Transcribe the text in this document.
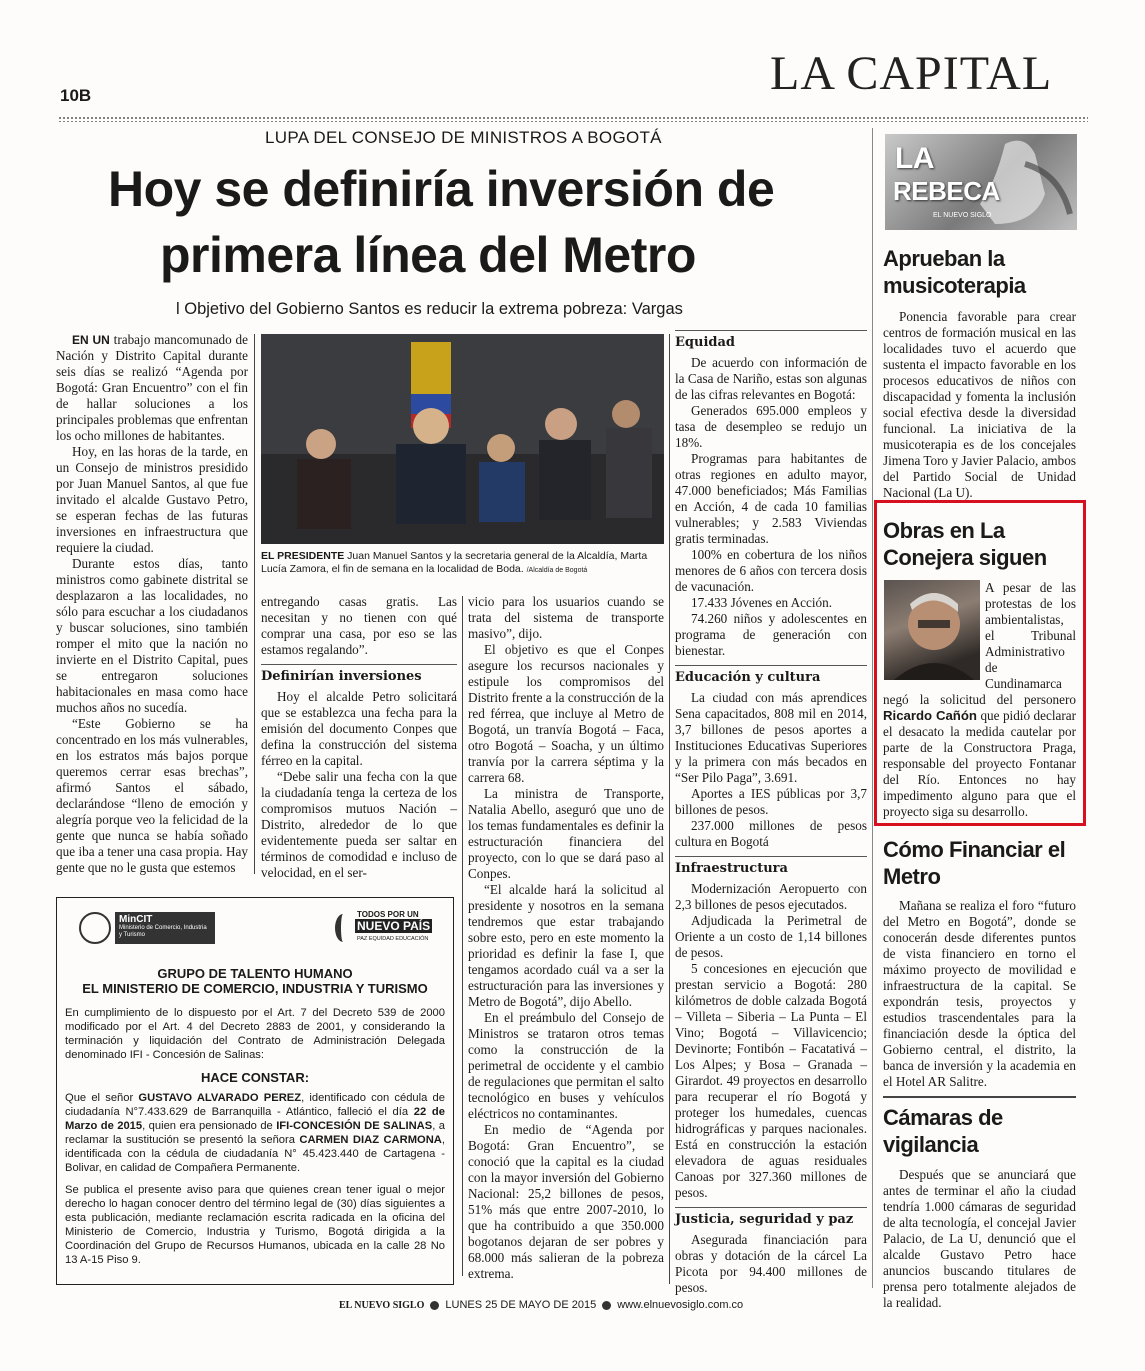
10B	LA CAPITAL
LUPA DEL CONSEJO DE MINISTROS A BOGOTÁ
Hoy se definiría inversión de
primera línea del Metro
l Objetivo del Gobierno Santos es reducir la extrema pobreza: Vargas

EN UN trabajo mancomunado de Nación y Distrito Capital durante seis días se realizó “Agenda por Bogotá: Gran Encuentro” con el fin de hallar soluciones a los principales problemas que enfrentan los ocho millones de habitantes.

Hoy, en las horas de la tarde, en un Consejo de ministros presidido por Juan Manuel Santos, al que fue invitado el alcalde Gustavo Petro, se esperan fechas de las futuras inversiones en infraestructura que requiere la ciudad.

Durante estos días, tanto ministros como gabinete distrital se desplazaron a las localidades, no sólo para escuchar a los ciudadanos y buscar soluciones, sino también romper el mito que la nación no invierte en el Distrito Capital, pues se entregaron soluciones habitacionales en masa como hace muchos años no sucedía.

“Este Gobierno se ha concentrado en los más vulnerables, en los estratos más bajos porque queremos cerrar esas brechas”, afirmó Santos el sábado, declarándose “lleno de emoción y alegría porque veo la felicidad de la gente que nunca se había soñado que iba a tener una casa propia. Hay gente que no le gusta que estemos

EL PRESIDENTE Juan Manuel Santos y la secretaria general de la Alcaldía, Marta Lucía Zamora, el fin de semana en la localidad de Boda. /Alcaldía de Bogotá

entregando casas gratis. Las necesitan y no tienen con qué comprar una casa, por eso se las estamos regalando”.

Definirían inversiones

Hoy el alcalde Petro solicitará que se establezca una fecha para la emisión del documento Conpes que defina la construcción del sistema férreo en la capital.

“Debe salir una fecha con la que la ciudadanía tenga la certeza de los compromisos mutuos Nación – Distrito, alrededor de lo que evidentemente pueda ser saltar en términos de comodidad e incluso de velocidad, en el ser-

vicio para los usuarios cuando se trata del sistema de transporte masivo”, dijo.

El objetivo es que el Conpes asegure los recursos nacionales y estipule los compromisos del Distrito frente a la construcción de la red férrea, que incluye al Metro de Bogotá, un tranvía Bogotá – Faca, otro Bogotá – Soacha, y un último tranvía por la carrera séptima y la carrera 68.

La ministra de Transporte, Natalia Abello, aseguró que uno de los temas fundamentales es definir la estructuración financiera del proyecto, con lo que se dará paso al Conpes.

“El alcalde hará la solicitud al presidente y nosotros en la semana tendremos que estar trabajando sobre esto, pero en este momento la prioridad es definir la fase I, que tengamos acordado cuál va a ser la estructuración para las inversiones y Metro de Bogotá”, dijo Abello.

En el preámbulo del Consejo de Ministros se trataron otros temas como la construcción de la perimetral de occidente y el cambio de regulaciones que permitan el salto tecnológico en buses y vehículos eléctricos no contaminantes.

En medio de “Agenda por Bogotá: Gran Encuentro”, se conoció que la capital es la ciudad con la mayor inversión del Gobierno Nacional: 25,2 billones de pesos, 51% más que entre 2007-2010, lo que ha contribuido a que 350.000 bogotanos dejaran de ser pobres y 68.000 más salieran de la pobreza extrema.

Equidad

De acuerdo con información de la Casa de Nariño, estas son algunas de las cifras relevantes en Bogotá:

Generados 695.000 empleos y tasa de desempleo se redujo un 18%.

Programas para habitantes de otras regiones en adulto mayor, 47.000 beneficiados; Más Familias en Acción, 4 de cada 10 familias vulnerables; y 2.583 Viviendas gratis terminadas.

100% en cobertura de los niños menores de 6 años con tercera dosis de vacunación.

17.433 Jóvenes en Acción.

74.260 niños y adolescentes en programa de generación con bienestar.

Educación y cultura

La ciudad con más aprendices Sena capacitados, 808 mil en 2014, 3,7 billones de pesos aportes a Instituciones Educativas Superiores y la primera con más becados en “Ser Pilo Paga”, 3.691.

Aportes a IES públicas por 3,7 billones de pesos.

237.000 millones de pesos cultura en Bogotá

Infraestructura

Modernización Aeropuerto con 2,3 billones de pesos ejecutados.

Adjudicada la Perimetral de Oriente a un costo de 1,14 billones de pesos.

5 concesiones en ejecución que prestan servicio a Bogotá: 280 kilómetros de doble calzada Bogotá – Villeta – Siberia – La Punta – El Vino; Bogotá – Villavicencio; Devinorte; Fontibón – Facatativá – Los Alpes; y Bosa – Granada – Girardot. 49 proyectos en desarrollo para recuperar el río Bogotá y proteger los humedales, cuencas hidrográficas y parques nacionales. Está en construcción la estación elevadora de aguas residuales Canoas por 327.360 millones de pesos.

Justicia, seguridad y paz

Asegurada financiación para obras y dotación de la cárcel La Picota por 94.400 millones de pesos.

LA
REBECA
EL NUEVO SIGLO
Aprueban la musicoterapia

Ponencia favorable para crear centros de formación musical en las localidades tuvo el acuerdo que sustenta el impacto favorable en los procesos educativos de niños con discapacidad y fomenta la inclusión social efectiva desde la diversidad funcional. La iniciativa de la musicoterapia es de los concejales Jimena Toro y Javier Palacio, ambos del Partido Social de Unidad Nacional (La U).

Obras en La Conejera siguen

A pesar de las protestas de los ambientalistas, el Tribunal Administrativo de Cundinamarca negó la solicitud del personero Ricardo Cañón que pidió declarar el desacato la medida cautelar por parte de la Constructora Praga, responsable del proyecto Fontanar del Río. Entonces no hay impedimento alguno para que el proyecto siga su desarrollo.

Cómo Financiar el Metro

Mañana se realiza el foro “futuro del Metro en Bogotá”, donde se conocerán desde diferentes puntos de vista financiero en torno el máximo proyecto de movilidad e infraestructura de la capital. Se expondrán tesis, proyectos y estudios trascendentales para la financiación desde la óptica del Gobierno central, el distrito, la banca de inversión y la academia en el Hotel AR Salitre.

Cámaras de vigilancia

Después que se anunciará que antes de terminar el año la ciudad tendría 1.000 cámaras de seguridad de alta tecnología, el concejal Javier Palacio, de La U, denunció que el alcalde Gustavo Petro hace anuncios buscando titulares de prensa pero totalmente alejados de la realidad.

MinCIT
Ministerio de Comercio, Industria y Turismo
TODOS POR UN
NUEVO PAÍS
PAZ EQUIDAD EDUCACIÓN
GRUPO DE TALENTO HUMANO
EL MINISTERIO DE COMERCIO, INDUSTRIA Y TURISMO

En cumplimiento de lo dispuesto por el Art. 7 del Decreto 539 de 2000 modificado por el Art. 4 del Decreto 2883 de 2001, y considerando la terminación y liquidación del Contrato de Administración Delegada denominado IFI - Concesión de Salinas:

HACE CONSTAR:

Que el señor GUSTAVO ALVARADO PEREZ, identificado con cédula de ciudadanía N°7.433.629 de Barranquilla - Atlántico, falleció el día 22 de Marzo de 2015, quien era pensionado de IFI-CONCESIÓN DE SALINAS, a reclamar la sustitución se presentó la señora CARMEN DIAZ CARMONA, identificada con la cédula de ciudadanía N° 45.423.440 de Cartagena - Bolivar, en calidad de Compañera Permanente.

Se publica el presente aviso para que quienes crean tener igual o mejor derecho lo hagan conocer dentro del término legal de (30) días siguientes a esta publicación, mediante reclamación escrita radicada en la oficina del Ministerio de Comercio, Industria y Turismo, Bogotá dirigida a la Coordinación del Grupo de Recursos Humanos, ubicada en la calle 28 No 13 A-15 Piso 9.

EL NUEVO SIGLO LUNES 25 DE MAYO DE 2015 www.elnuevosiglo.com.co
